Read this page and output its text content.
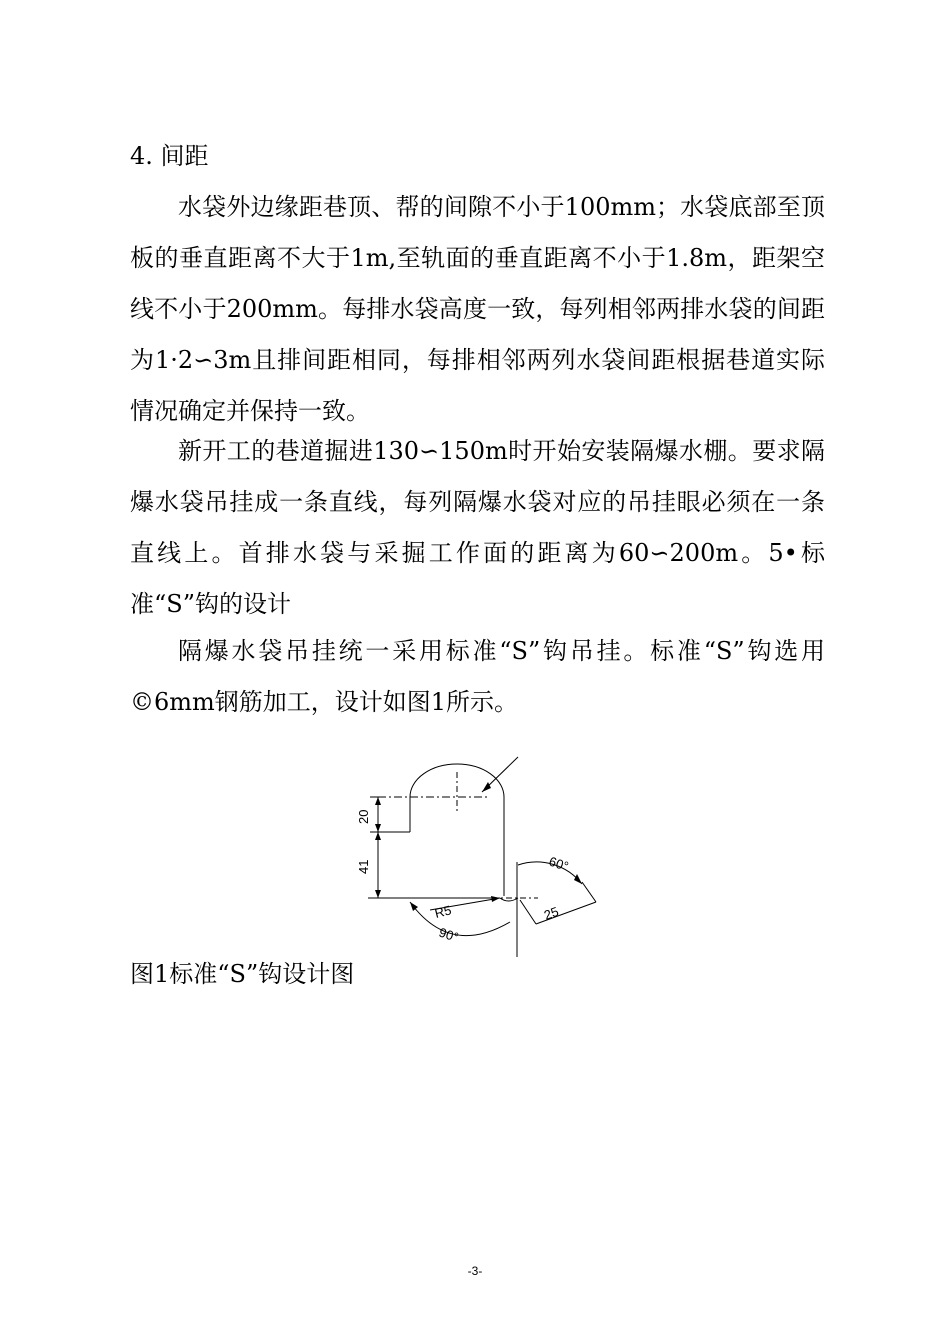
4. 间距
水袋外边缘距巷顶、帮的间隙不小于100mm；水袋底部至顶板的垂直距离不大于1m,至轨面的垂直距离不小于1.8m，距架空线不小于200mm。每排水袋高度一致，每列相邻两排水袋的间距为1·2∽3m且排间距相同，每排相邻两列水袋间距根据巷道实际情况确定并保持一致。
新开工的巷道掘进130∽150m时开始安装隔爆水棚。要求隔爆水袋吊挂成一条直线，每列隔爆水袋对应的吊挂眼必须在一条直线上。首排水袋与采掘工作面的距离为60∽200m。5•标准“S”钩的设计
隔爆水袋吊挂统一采用标准“S”钩吊挂。标准“S”钩选用©6mm钢筋加工，设计如图1所示。
20
41
R5
90°
60°
25
图1标准“S”钩设计图
-3-
